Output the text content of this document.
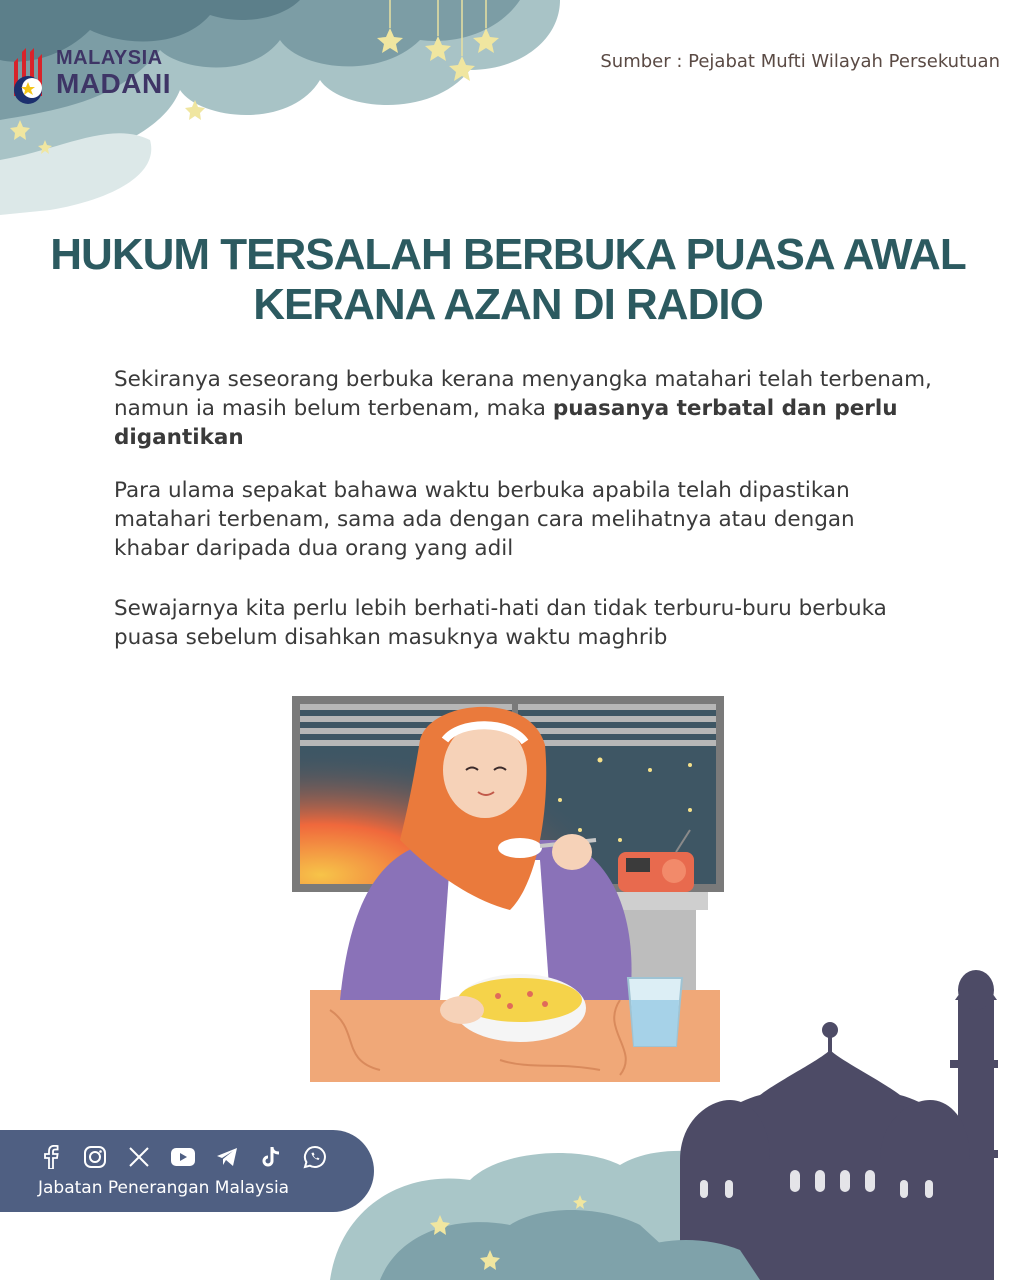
MALAYSIA
MADANI
Sumber : Pejabat Mufti Wilayah Persekutuan
HUKUM TERSALAH BERBUKA PUASA AWAL
KERANA AZAN DI RADIO
Sekiranya seseorang berbuka kerana menyangka matahari telah terbenam, namun ia masih belum terbenam, maka puasanya terbatal dan perlu digantikan
Para ulama sepakat bahawa waktu berbuka apabila telah dipastikan matahari terbenam, sama ada dengan cara melihatnya atau dengan khabar daripada dua orang yang adil
Sewajarnya kita perlu lebih berhati-hati dan tidak terburu-buru berbuka puasa sebelum disahkan masuknya waktu maghrib
Jabatan Penerangan Malaysia
